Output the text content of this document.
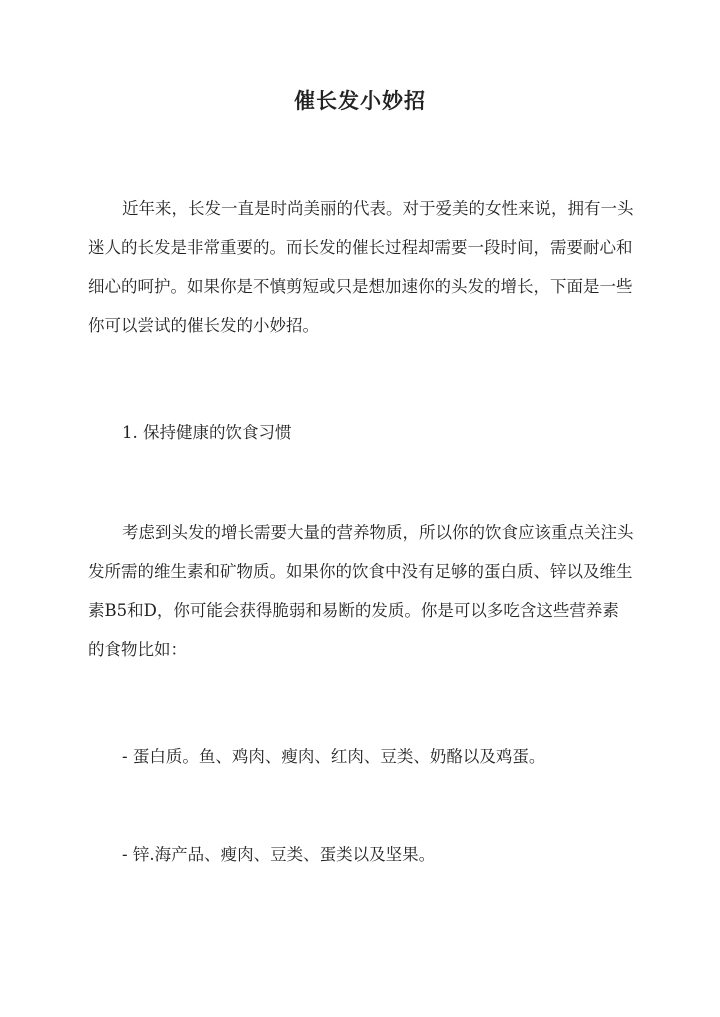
催长发小妙招

近年来，长发一直是时尚美丽的代表。对于爱美的女性来说，拥有一头迷人的长发是非常重要的。而长发的催长过程却需要一段时间，需要耐心和细心的呵护。如果你是不慎剪短或只是想加速你的头发的增长，下面是一些你可以尝试的催长发的小妙招。

1. 保持健康的饮食习惯

考虑到头发的增长需要大量的营养物质，所以你的饮食应该重点关注头发所需的维生素和矿物质。如果你的饮食中没有足够的蛋白质、锌以及维生素B5和D，你可能会获得脆弱和易断的发质。你是可以多吃含这些营养素的食物比如：

- 蛋白质。鱼、鸡肉、瘦肉、红肉、豆类、奶酪以及鸡蛋。
- 锌.海产品、瘦肉、豆类、蛋类以及坚果。
